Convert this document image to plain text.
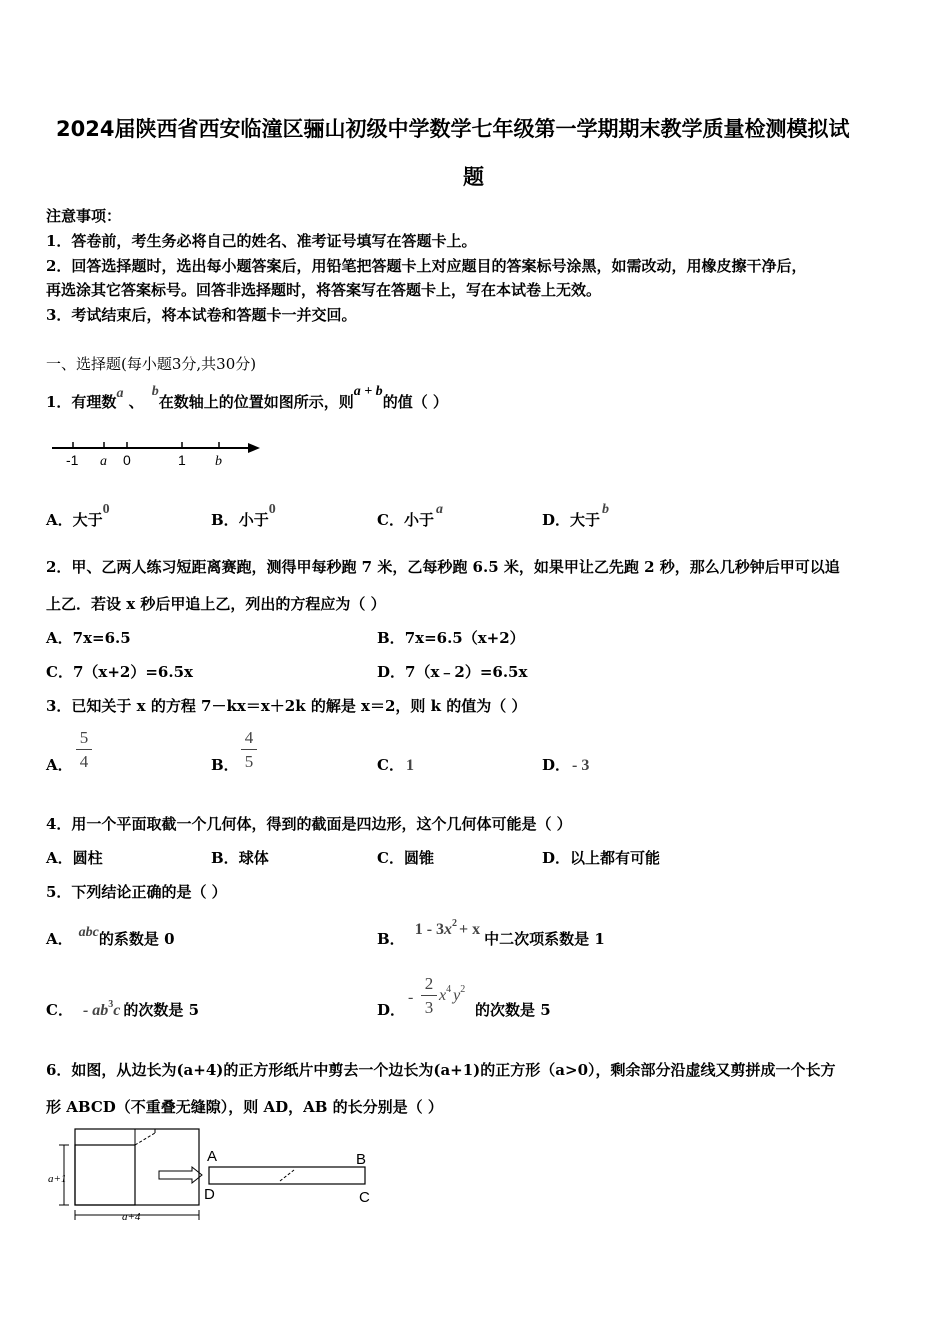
2024届陕西省西安临潼区骊山初级中学数学七年级第一学期期末教学质量检测模拟试
题
注意事项：
1．答卷前，考生务必将自己的姓名、准考证号填写在答题卡上。
2．回答选择题时，选出每小题答案后，用铅笔把答题卡上对应题目的答案标号涂黑，如需改动，用橡皮擦干净后，
再选涂其它答案标号。回答非选择题时，将答案写在答题卡上，写在本试卷上无效。
3．考试结束后，将本试卷和答题卡一并交回。
一、选择题(每小题3分,共30分)
1．有理数a 、b在数轴上的位置如图所示，则a + b的值（ ）
-1 a 0	1 b
A．大于0
B．小于0
C．小于a
D．大于b
2．甲、乙两人练习短距离赛跑，测得甲每秒跑 7 米，乙每秒跑 6.5 米，如果甲让乙先跑 2 秒，那么几秒钟后甲可以追
上乙．若设 x 秒后甲追上乙，列出的方程应为（ ）
A．7x=6.5	B．7x=6.5（x+2）
C．7（x+2）=6.5x	D．7（x﹣2）=6.5x
3．已知关于 x 的方程 7－kx＝x＋2k 的解是 x＝2，则 k 的值为（ ）
A．
5
4	B．
4
5	C． 1	D． - 3
4．用一个平面取截一个几何体，得到的截面是四边形，这个几何体可能是（ ）
A．圆柱	B．球体	C．圆锥	D．以上都有可能
5．下列结论正确的是（ ）
A． abc的系数是 0	B．$1 - 3x^2 + x$中二次项系数是 1
C． - $ab^3c$ 的次数是 5	D．
-
2
3
$x^4$ $y^2$
的次数是 5
6．如图，从边长为(a+4)的正方形纸片中剪去一个边长为(a+1)的正方形（a>0），剩余部分沿虚线又剪拼成一个长方
形 ABCD（不重叠无缝隙），则 AD，AB 的长分别是（ ）
a+1
a+4
A	B
D	C
